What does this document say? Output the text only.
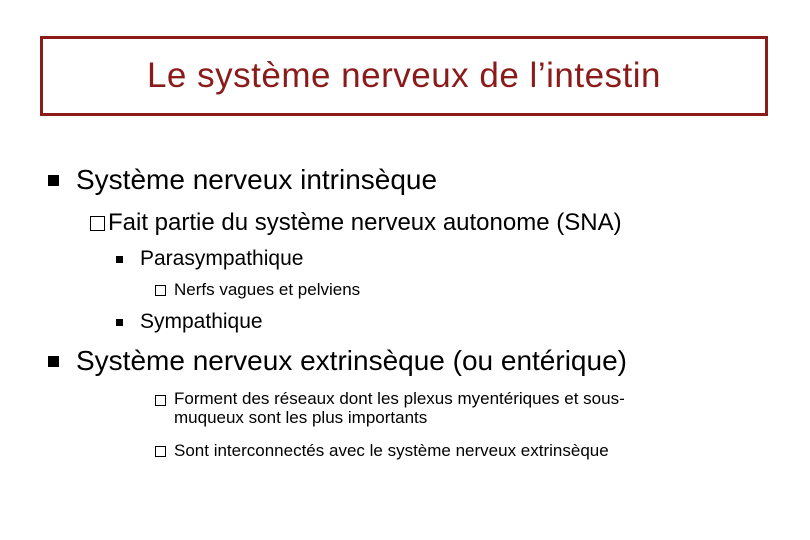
Le système nerveux de l’intestin
Système nerveux intrinsèque
Fait partie du système nerveux autonome (SNA)
Parasympathique
Nerfs vagues et pelviens
Sympathique
Système nerveux extrinsèque (ou entérique)
Forment des réseaux dont les plexus myentériques et sous-
muqueux sont les plus importants
Sont interconnectés avec le système nerveux extrinsèque
